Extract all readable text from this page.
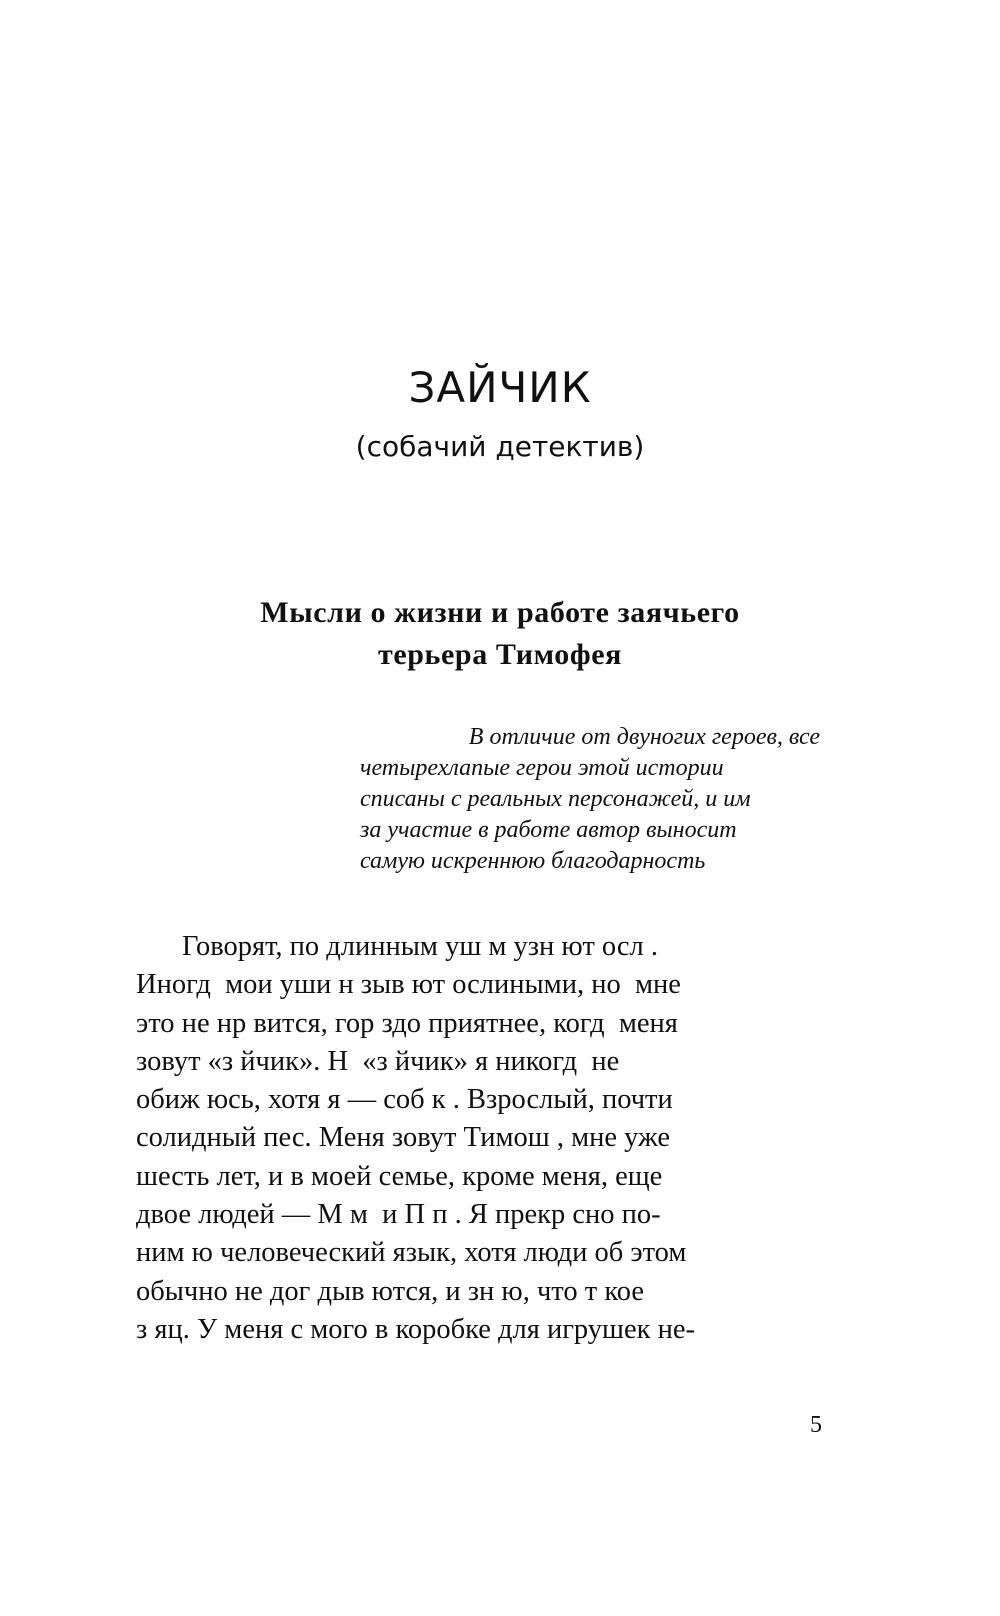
ЗАЙЧИК
(собачий детектив)
Мысли о жизни и работе заячьего
терьера Тимофея
В отличие от двуногих героев, все
четырехлапые герои этой истории
списаны с реальных персонажей, и им
за участие в работе автор выносит
самую искреннюю благодарность
Говорят, по длинным уш м узн ют осл .
Иногд  мои уши н зыв ют ослиными, но  мне
это не нр вится, гор здо приятнее, когд  меня
зовут «з йчик». Н  «з йчик» я никогд  не
обиж юсь, хотя я — соб к . Взрослый, почти
солидный пес. Меня зовут Тимош , мне уже
шесть лет, и в моей семье, кроме меня, еще
двое людей — М м  и П п . Я прекр сно по-
ним ю человеческий язык, хотя люди об этом
обычно не дог дыв ются, и зн ю, что т кое
з яц. У меня с мого в коробке для игрушек не-
5
